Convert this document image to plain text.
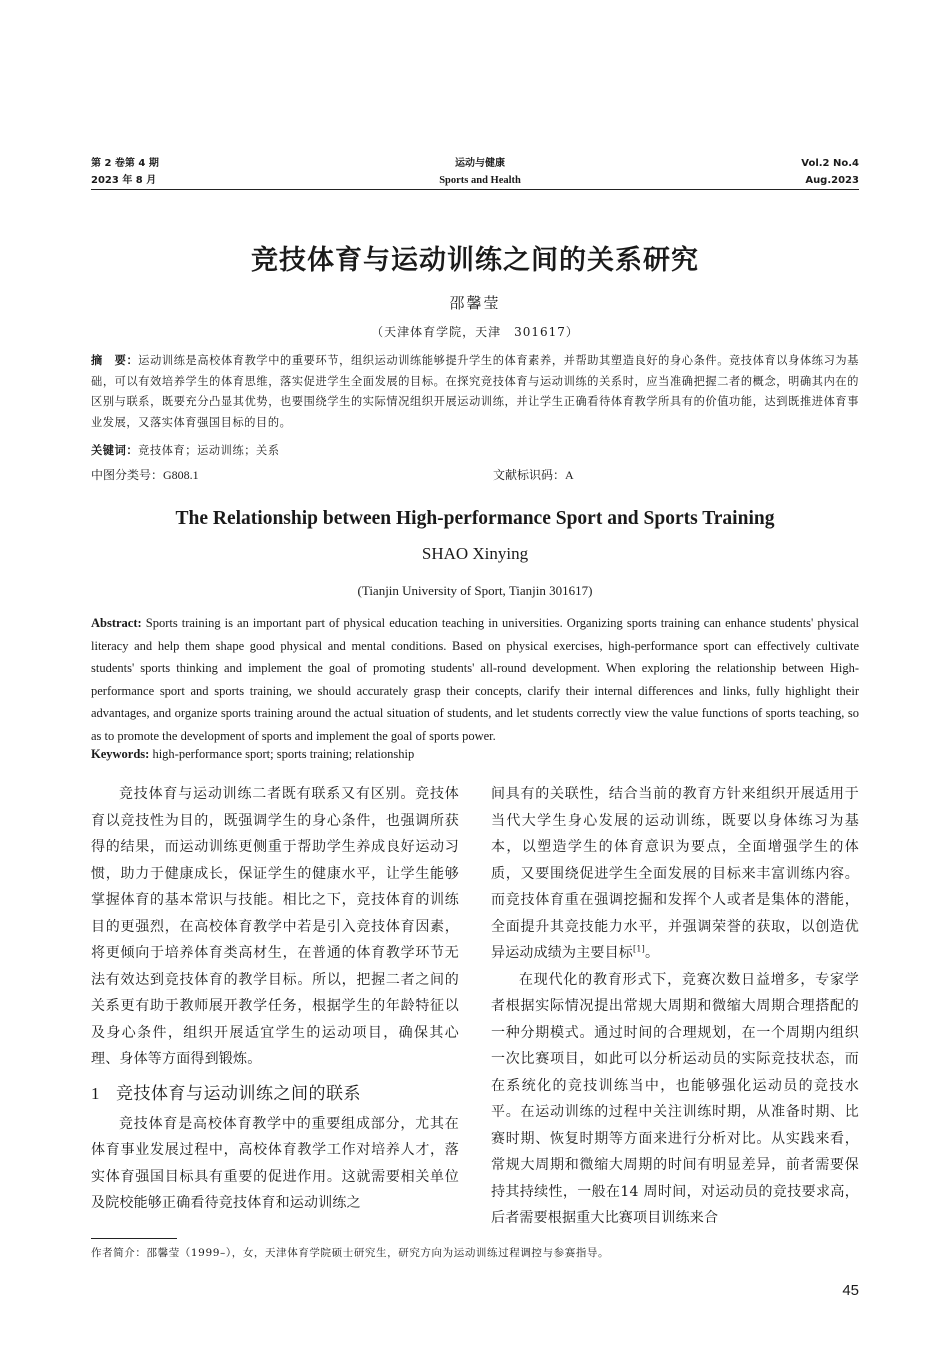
第 2 卷第 4 期
2023 年 8 月
运动与健康
Sports and Health
Vol.2 No.4
Aug.2023
竞技体育与运动训练之间的关系研究
邵馨莹
（天津体育学院，天津　301617）
摘　要：运动训练是高校体育教学中的重要环节，组织运动训练能够提升学生的体育素养，并帮助其塑造良好的身心条件。竞技体育以身体练习为基础，可以有效培养学生的体育思维，落实促进学生全面发展的目标。在探究竞技体育与运动训练的关系时，应当准确把握二者的概念，明确其内在的区别与联系，既要充分凸显其优势，也要围绕学生的实际情况组织开展运动训练，并让学生正确看待体育教学所具有的价值功能，达到既推进体育事业发展，又落实体育强国目标的目的。
关键词：竞技体育；运动训练；关系
中图分类号：G808.1	文献标识码：A
The Relationship between High-performance Sport and Sports Training
SHAO Xinying
(Tianjin University of Sport, Tianjin 301617)
Abstract: Sports training is an important part of physical education teaching in universities. Organizing sports training can enhance students' physical literacy and help them shape good physical and mental conditions. Based on physical exercises, high-performance sport can effectively cultivate students' sports thinking and implement the goal of promoting students' all-round development. When exploring the relationship between High-performance sport and sports training, we should accurately grasp their concepts, clarify their internal differences and links, fully highlight their advantages, and organize sports training around the actual situation of students, and let students correctly view the value functions of sports teaching, so as to promote the development of sports and implement the goal of sports power.
Keywords: high-performance sport; sports training; relationship

竞技体育与运动训练二者既有联系又有区别。竞技体育以竞技性为目的，既强调学生的身心条件，也强调所获得的结果，而运动训练更侧重于帮助学生养成良好运动习惯，助力于健康成长，保证学生的健康水平，让学生能够掌握体育的基本常识与技能。相比之下，竞技体育的训练目的更强烈，在高校体育教学中若是引入竞技体育因素，将更倾向于培养体育类高材生，在普通的体育教学环节无法有效达到竞技体育的教学目标。所以，把握二者之间的关系更有助于教师展开教学任务，根据学生的年龄特征以及身心条件，组织开展适宜学生的运动项目，确保其心理、身体等方面得到锻炼。

1 竞技体育与运动训练之间的联系

竞技体育是高校体育教学中的重要组成部分，尤其在体育事业发展过程中，高校体育教学工作对培养人才，落实体育强国目标具有重要的促进作用。这就需要相关单位及院校能够正确看待竞技体育和运动训练之

间具有的关联性，结合当前的教育方针来组织开展适用于当代大学生身心发展的运动训练，既要以身体练习为基本，以塑造学生的体育意识为要点，全面增强学生的体质，又要围绕促进学生全面发展的目标来丰富训练内容。而竞技体育重在强调挖掘和发挥个人或者是集体的潜能，全面提升其竞技能力水平，并强调荣誉的获取，以创造优异运动成绩为主要目标[1]。

在现代化的教育形式下，竞赛次数日益增多，专家学者根据实际情况提出常规大周期和微缩大周期合理搭配的一种分期模式。通过时间的合理规划，在一个周期内组织一次比赛项目，如此可以分析运动员的实际竞技状态，而在系统化的竞技训练当中，也能够强化运动员的竞技水平。在运动训练的过程中关注训练时期，从准备时期、比赛时期、恢复时期等方面来进行分析对比。从实践来看，常规大周期和微缩大周期的时间有明显差异，前者需要保持其持续性，一般在14 周时间，对运动员的竞技要求高，后者需要根据重大比赛项目训练来合

作者简介：邵馨莹（1999–），女，天津体育学院硕士研究生，研究方向为运动训练过程调控与参赛指导。
45
